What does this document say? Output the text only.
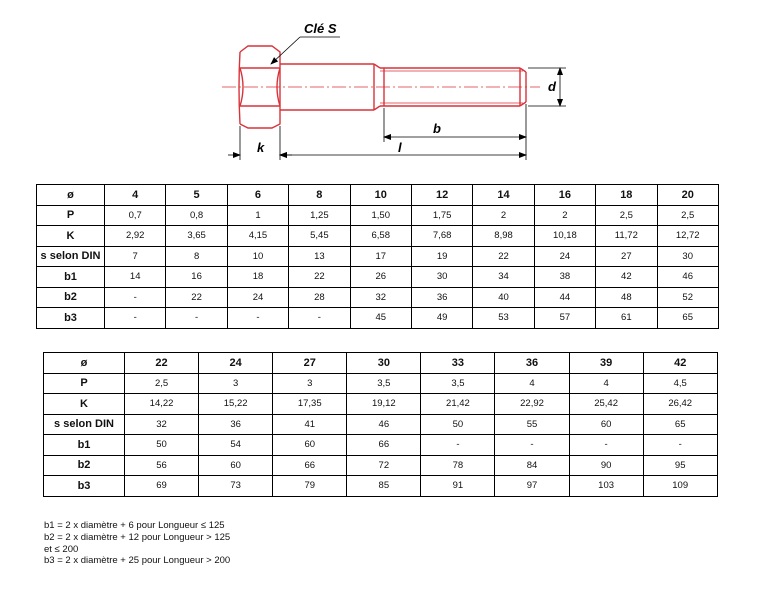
Clé S
d
b
k	l
ø	4	5	6	8	10	12	14	16	18	20
P	0,7	0,8	1	1,25	1,50	1,75	2	2	2,5	2,5
K	2,92	3,65	4,15	5,45	6,58	7,68	8,98	10,18	11,72	12,72
s selon DIN	7	8	10	13	17	19	22	24	27	30
b1	14	16	18	22	26	30	34	38	42	46
b2	-	22	24	28	32	36	40	44	48	52
b3	-	-	-	-	45	49	53	57	61	65
ø	22	24	27	30	33	36	39	42
P	2,5	3	3	3,5	3,5	4	4	4,5
K	14,22	15,22	17,35	19,12	21,42	22,92	25,42	26,42
s selon DIN	32	36	41	46	50	55	60	65
b1	50	54	60	66	-	-	-	-
b2	56	60	66	72	78	84	90	95
b3	69	73	79	85	91	97	103	109
b1 = 2 x diamètre + 6 pour Longueur ≤ 125
b2 = 2 x diamètre + 12 pour Longueur > 125
et ≤ 200
b3 = 2 x diamètre + 25 pour Longueur > 200
